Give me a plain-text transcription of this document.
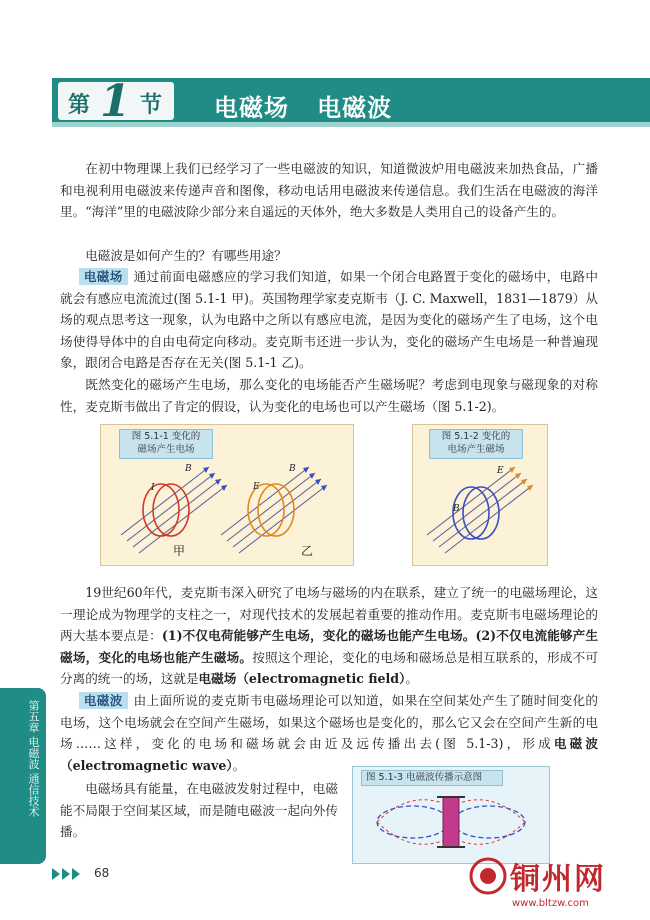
第 1 节 电磁场   电磁波

在初中物理课上我们已经学习了一些电磁波的知识，知道微波炉用电磁波来加热食品，广播和电视利用电磁波来传递声音和图像，移动电话用电磁波来传递信息。我们生活在电磁波的海洋里。“海洋”里的电磁波除少部分来自遥远的天体外，绝大多数是人类用自己的设备产生的。

电磁波是如何产生的？有哪些用途？

电磁场 通过前面电磁感应的学习我们知道，如果一个闭合电路置于变化的磁场中，电路中就会有感应电流流过(图 5.1-1 甲)。英国物理学家麦克斯韦（J. C. Maxwell，1831—1879）从场的观点思考这一现象，认为电路中之所以有感应电流，是因为变化的磁场产生了电场，这个电场使得导体中的自由电荷定向移动。麦克斯韦还进一步认为，变化的磁场产生电场是一种普遍现象，跟闭合电路是否存在无关(图 5.1-1 乙)。

既然变化的磁场产生电场，那么变化的电场能否产生磁场呢？考虑到电现象与磁现象的对称性，麦克斯韦做出了肯定的假设，认为变化的电场也可以产生磁场（图 5.1-2)。

I
B
E
B
甲	乙
图 5.1-1 变化的
磁场产生电场
B
E
图 5.1-2 变化的
电场产生磁场

19世纪60年代，麦克斯韦深入研究了电场与磁场的内在联系，建立了统一的电磁场理论，这一理论成为物理学的支柱之一，对现代技术的发展起着重要的推动作用。麦克斯韦电磁场理论的两大基本要点是：(1)不仅电荷能够产生电场，变化的磁场也能产生电场。(2)不仅电流能够产生磁场，变化的电场也能产生磁场。按照这个理论，变化的电场和磁场总是相互联系的，形成不可分离的统一的场，这就是电磁场（electromagnetic field）。

电磁波 由上面所说的麦克斯韦电磁场理论可以知道，如果在空间某处产生了随时间变化的电场，这个电场就会在空间产生磁场，如果这个磁场也是变化的，那么它又会在空间产生新的电场……这样，变化的电场和磁场就会由近及远传播出去(图 5.1-3)，形成电磁波（electromagnetic wave）。

电磁场具有能量，在电磁波发射过程中，电磁能不局限于空间某区域，而是随电磁波一起向外传播。

图 5.1-3 电磁波传播示意图
第五章 电磁波 通信技术
68	铜州网
www.bltzw.com
